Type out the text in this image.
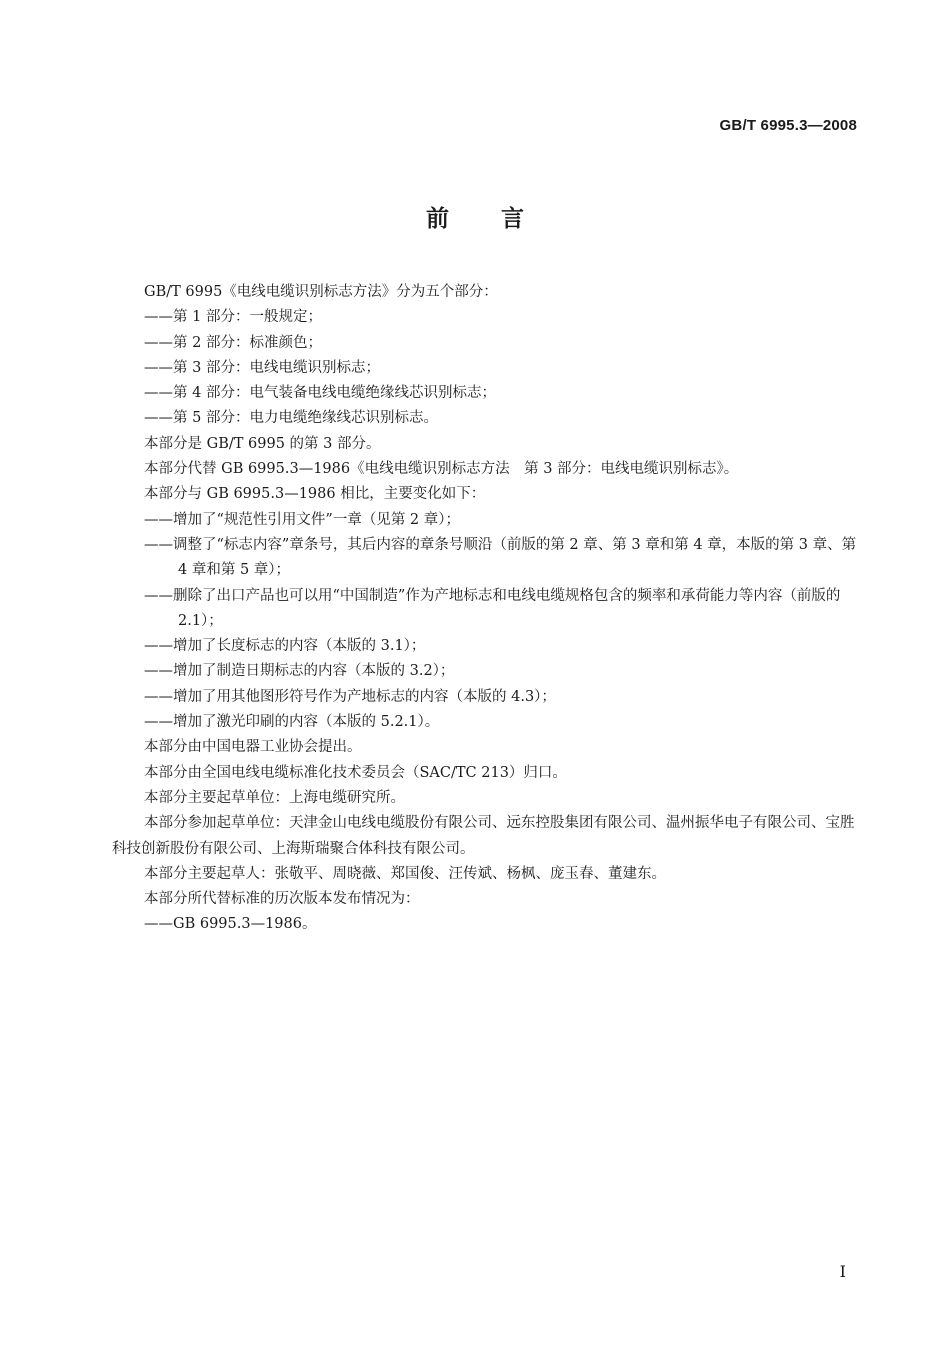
GB/T 6995.3—2008
前言

GB/T 6995《电线电缆识别标志方法》分为五个部分：

——第 1 部分：一般规定；

——第 2 部分：标准颜色；

——第 3 部分：电线电缆识别标志；

——第 4 部分：电气装备电线电缆绝缘线芯识别标志；

——第 5 部分：电力电缆绝缘线芯识别标志。

本部分是 GB/T 6995 的第 3 部分。

本部分代替 GB 6995.3—1986《电线电缆识别标志方法　第 3 部分：电线电缆识别标志》。

本部分与 GB 6995.3—1986 相比，主要变化如下：

——增加了“规范性引用文件”一章（见第 2 章）；

——调整了“标志内容”章条号，其后内容的章条号顺沿（前版的第 2 章、第 3 章和第 4 章，本版的第 3 章、第 4 章和第 5 章）；

——删除了出口产品也可以用“中国制造”作为产地标志和电线电缆规格包含的频率和承荷能力等内容（前版的 2.1）；

——增加了长度标志的内容（本版的 3.1）；

——增加了制造日期标志的内容（本版的 3.2）；

——增加了用其他图形符号作为产地标志的内容（本版的 4.3）；

——增加了激光印刷的内容（本版的 5.2.1）。

本部分由中国电器工业协会提出。

本部分由全国电线电缆标准化技术委员会（SAC/TC 213）归口。

本部分主要起草单位：上海电缆研究所。

本部分参加起草单位：天津金山电线电缆股份有限公司、远东控股集团有限公司、温州振华电子有限公司、宝胜科技创新股份有限公司、上海斯瑞聚合体科技有限公司。

本部分主要起草人：张敬平、周晓薇、郑国俊、汪传斌、杨枫、庞玉春、董建东。

本部分所代替标准的历次版本发布情况为：

——GB 6995.3—1986。

I
